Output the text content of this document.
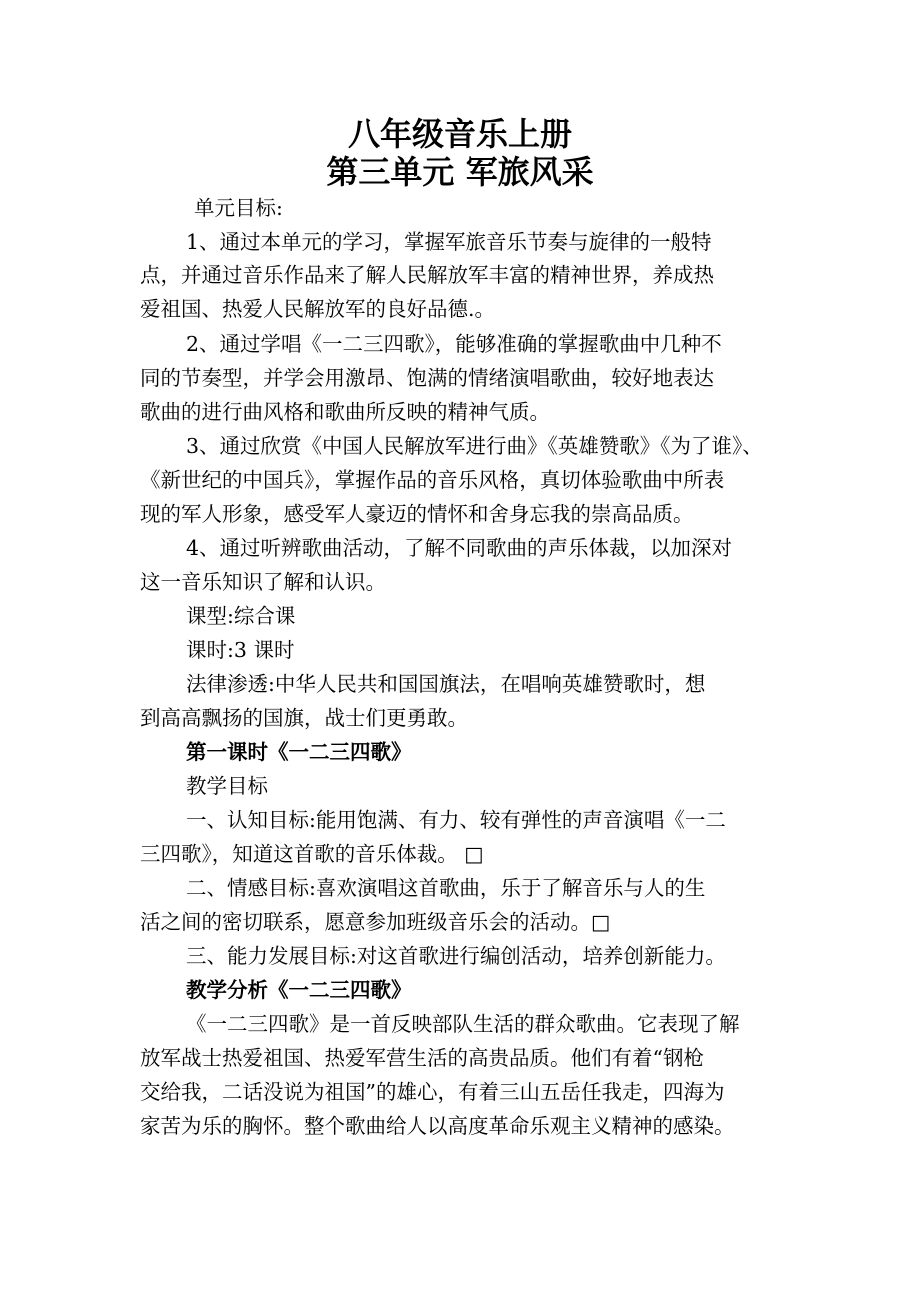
八年级音乐上册
第三单元 军旅风采
单元目标:
1、通过本单元的学习，掌握军旅音乐节奏与旋律的一般特
点，并通过音乐作品来了解人民解放军丰富的精神世界，养成热
爱祖国、热爱人民解放军的良好品德.。
2、通过学唱《一二三四歌》，能够准确的掌握歌曲中几种不
同的节奏型，并学会用激昂、饱满的情绪演唱歌曲，较好地表达
歌曲的进行曲风格和歌曲所反映的精神气质。
3、通过欣赏《中国人民解放军进行曲》《英雄赞歌》《为了谁》、
《新世纪的中国兵》，掌握作品的音乐风格，真切体验歌曲中所表
现的军人形象，感受军人豪迈的情怀和舍身忘我的崇高品质。
4、通过听辨歌曲活动，了解不同歌曲的声乐体裁，以加深对
这一音乐知识了解和认识。
课型:综合课
课时:3 课时
法律渗透:中华人民共和国国旗法，在唱响英雄赞歌时，想
到高高飘扬的国旗，战士们更勇敢。
第一课时《一二三四歌》
教学目标
一、认知目标:能用饱满、有力、较有弹性的声音演唱《一二
三四歌》，知道这首歌的音乐体裁。 □
二、情感目标:喜欢演唱这首歌曲，乐于了解音乐与人的生
活之间的密切联系，愿意参加班级音乐会的活动。□
三、能力发展目标:对这首歌进行编创活动，培养创新能力。
教学分析《一二三四歌》
《一二三四歌》是一首反映部队生活的群众歌曲。它表现了解
放军战士热爱祖国、热爱军营生活的高贵品质。他们有着“钢枪
交给我，二话没说为祖国”的雄心，有着三山五岳任我走，四海为
家苦为乐的胸怀。整个歌曲给人以高度革命乐观主义精神的感染。
